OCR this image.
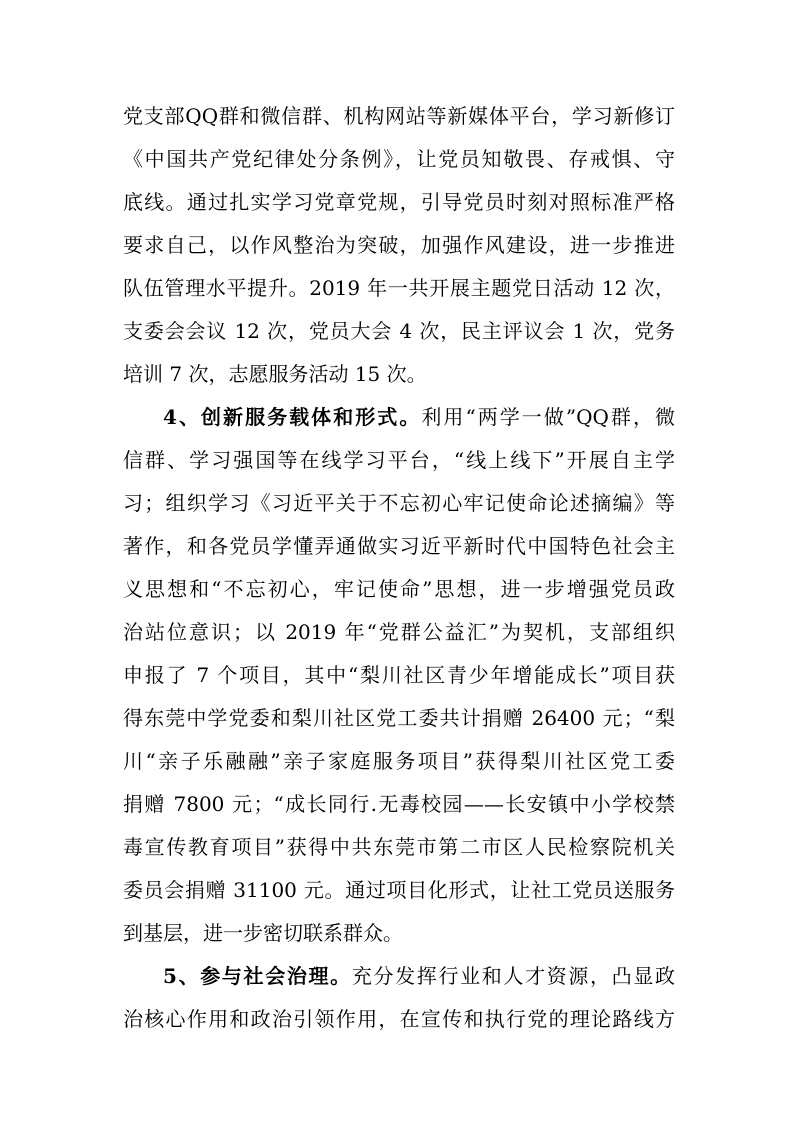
党支部QQ群和微信群、机构网站等新媒体平台，学习新修订
《中国共产党纪律处分条例》，让党员知敬畏、存戒惧、守
底线。通过扎实学习党章党规，引导党员时刻对照标准严格
要求自己，以作风整治为突破，加强作风建设，进一步推进
队伍管理水平提升。2019 年一共开展主题党日活动 12 次，
支委会会议 12 次，党员大会 4 次，民主评议会 1 次，党务
培训 7 次，志愿服务活动 15 次。
4、创新服务载体和形式。利用“两学一做”QQ群，微
信群、学习强国等在线学习平台，“线上线下”开展自主学
习；组织学习《习近平关于不忘初心牢记使命论述摘编》等
著作，和各党员学懂弄通做实习近平新时代中国特色社会主
义思想和“不忘初心，牢记使命”思想，进一步增强党员政
治站位意识；以 2019 年“党群公益汇”为契机，支部组织
申报了 7 个项目，其中“梨川社区青少年增能成长”项目获
得东莞中学党委和梨川社区党工委共计捐赠 26400 元；“梨
川“亲子乐融融”亲子家庭服务项目”获得梨川社区党工委
捐赠 7800 元；“成长同行.无毒校园——长安镇中小学校禁
毒宣传教育项目”获得中共东莞市第二市区人民检察院机关
委员会捐赠 31100 元。通过项目化形式，让社工党员送服务
到基层，进一步密切联系群众。
5、参与社会治理。充分发挥行业和人才资源，凸显政
治核心作用和政治引领作用，在宣传和执行党的理论路线方
